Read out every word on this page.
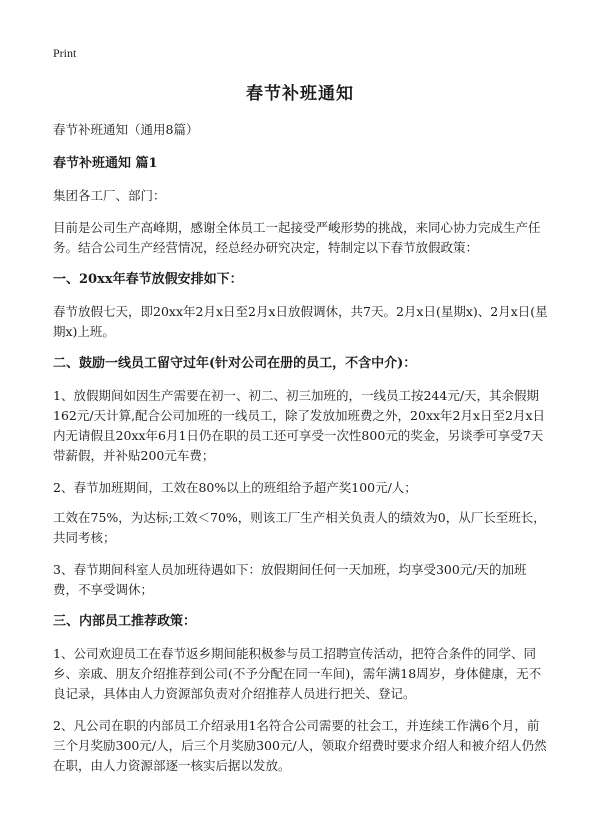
Print
春节补班通知

春节补班通知（通用8篇）

春节补班通知 篇1

集团各工厂、部门：

目前是公司生产高峰期，感谢全体员工一起接受严峻形势的挑战，来同心协力完成生产任务。结合公司生产经营情况，经总经办研究决定，特制定以下春节放假政策：

一、20xx年春节放假安排如下：

春节放假七天，即20xx年2月x日至2月x日放假调休，共7天。2月x日(星期x)、2月x日(星期x)上班。

二、鼓励一线员工留守过年(针对公司在册的员工，不含中介)：

1、放假期间如因生产需要在初一、初二、初三加班的，一线员工按244元/天，其余假期162元/天计算,配合公司加班的一线员工，除了发放加班费之外，20xx年2月x日至2月x日内无请假且20xx年6月1日仍在职的员工还可享受一次性800元的奖金，另谈季可享受7天带薪假，并补贴200元车费；

2、春节加班期间，工效在80%以上的班组给予超产奖100元/人；

工效在75%，为达标;工效＜70%，则该工厂生产相关负责人的绩效为0，从厂长至班长，共同考核；

3、春节期间科室人员加班待遇如下：放假期间任何一天加班，均享受300元/天的加班费，不享受调休；

三、内部员工推荐政策：

1、公司欢迎员工在春节返乡期间能积极参与员工招聘宣传活动，把符合条件的同学、同乡、亲戚、朋友介绍推荐到公司(不予分配在同一车间)，需年满18周岁，身体健康，无不良记录，具体由人力资源部负责对介绍推荐人员进行把关、登记。

2、凡公司在职的内部员工介绍录用1名符合公司需要的社会工，并连续工作满6个月，前三个月奖励300元/人，后三个月奖励300元/人，领取介绍费时要求介绍人和被介绍人仍然在职，由人力资源部逐一核实后据以发放。
